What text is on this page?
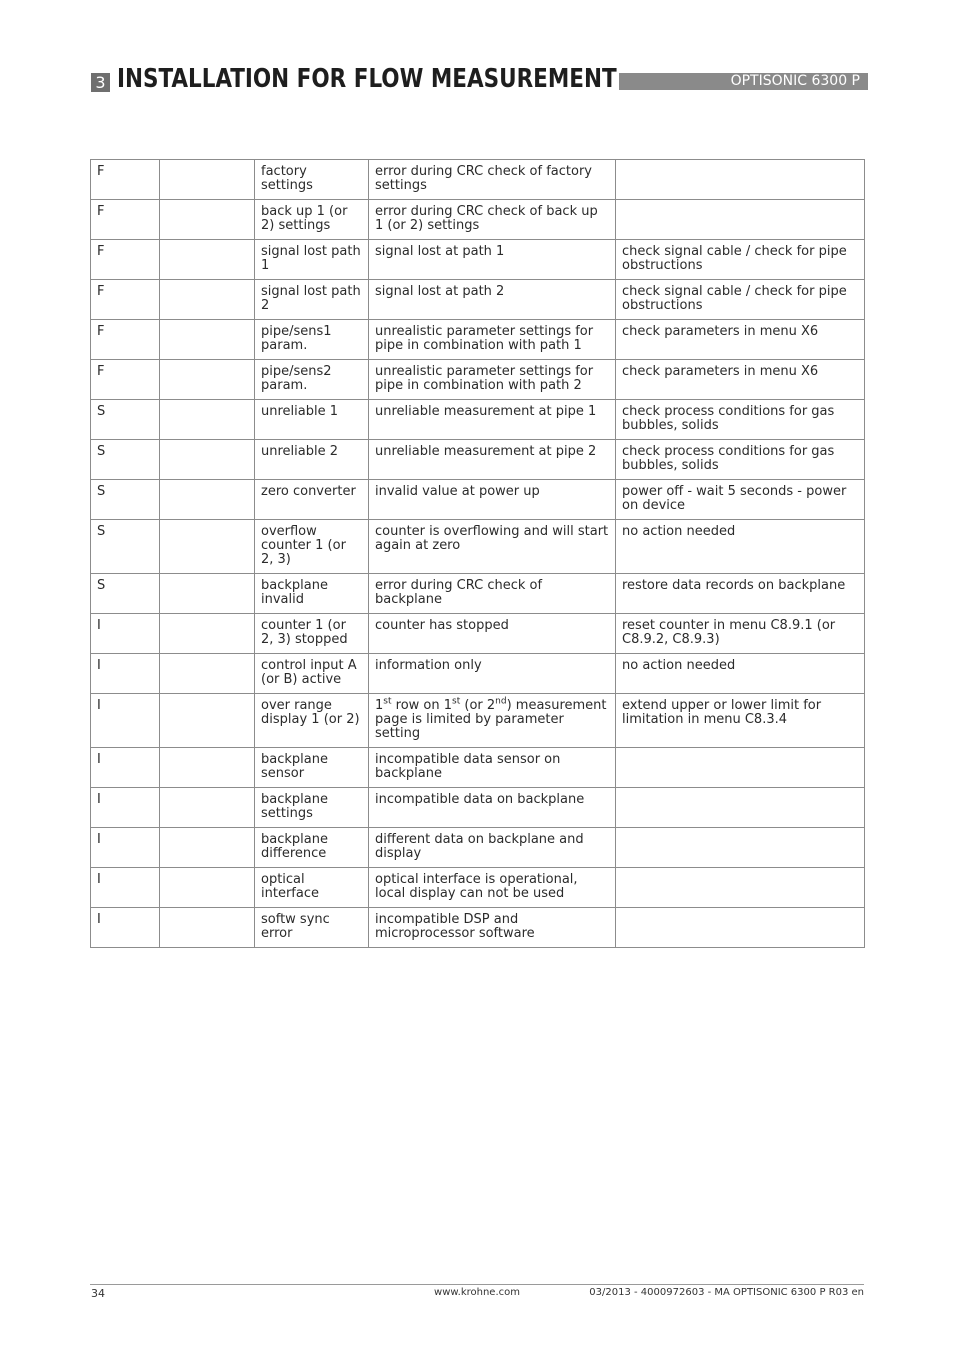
3 INSTALLATION FOR FLOW MEASUREMENT	OPTISONIC 6300 P
F		factory settings	error during CRC check of factory settings	
F		back up 1 (or 2) settings	error during CRC check of back up 1 (or 2) settings	
F		signal lost path 1	signal lost at path 1	check signal cable / check for pipe obstructions
F		signal lost path 2	signal lost at path 2	check signal cable / check for pipe obstructions
F		pipe/sens1 param.	unrealistic parameter settings for pipe in combination with path 1	check parameters in menu X6
F		pipe/sens2 param.	unrealistic parameter settings for pipe in combination with path 2	check parameters in menu X6
S		unreliable 1	unreliable measurement at pipe 1	check process conditions for gas bubbles, solids
S		unreliable 2	unreliable measurement at pipe 2	check process conditions for gas bubbles, solids
S		zero converter	invalid value at power up	power off - wait 5 seconds - power on device
S		overflow counter 1 (or 2, 3)	counter is overflowing and will start again at zero	no action needed
S		backplane invalid	error during CRC check of backplane	restore data records on backplane
I		counter 1 (or 2, 3) stopped	counter has stopped	reset counter in menu C8.9.1 (or C8.9.2, C8.9.3)
I		control input A (or B) active	information only	no action needed
I		over range display 1 (or 2)	1st row on 1st (or 2nd) measurement page is limited by parameter setting	extend upper or lower limit for limitation in menu C8.3.4
I		backplane sensor	incompatible data sensor on backplane	
I		backplane settings	incompatible data on backplane	
I		backplane difference	different data on backplane and display	
I		optical interface	optical interface is operational, local display can not be used	
I		softw sync error	incompatible DSP and microprocessor software	
34	www.krohne.com	03/2013 - 4000972603 - MA OPTISONIC 6300 P R03 en
